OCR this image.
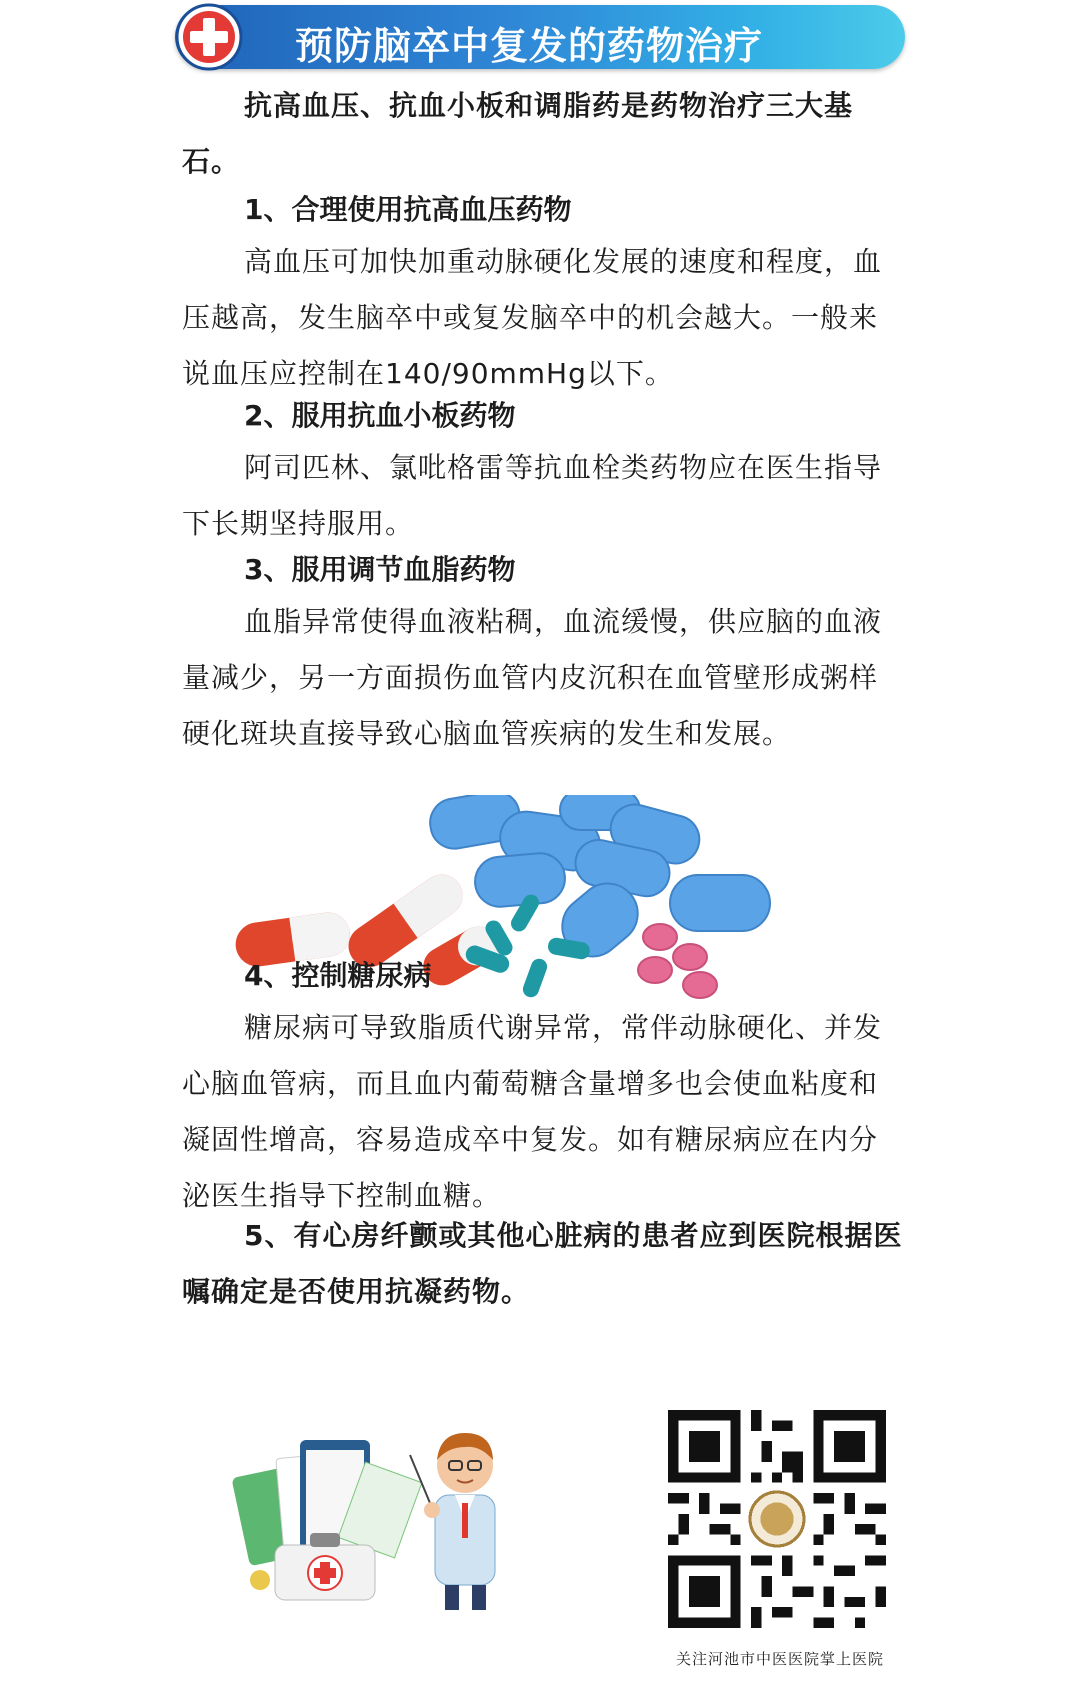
预防脑卒中复发的药物治疗
抗高血压、抗血小板和调脂药是药物治疗三大基石。
1、合理使用抗高血压药物
高血压可加快加重动脉硬化发展的速度和程度，血压越高，发生脑卒中或复发脑卒中的机会越大。一般来说血压应控制在140/90mmHg以下。
2、服用抗血小板药物
阿司匹林、氯吡格雷等抗血栓类药物应在医生指导下长期坚持服用。
3、服用调节血脂药物
血脂异常使得血液粘稠，血流缓慢，供应脑的血液量减少，另一方面损伤血管内皮沉积在血管壁形成粥样硬化斑块直接导致心脑血管疾病的发生和发展。
4、控制糖尿病
糖尿病可导致脂质代谢异常，常伴动脉硬化、并发心脑血管病，而且血内葡萄糖含量增多也会使血粘度和凝固性增高，容易造成卒中复发。如有糖尿病应在内分泌医生指导下控制血糖。
5、有心房纤颤或其他心脏病的患者应到医院根据医嘱确定是否使用抗凝药物。
关注河池市中医医院掌上医院
